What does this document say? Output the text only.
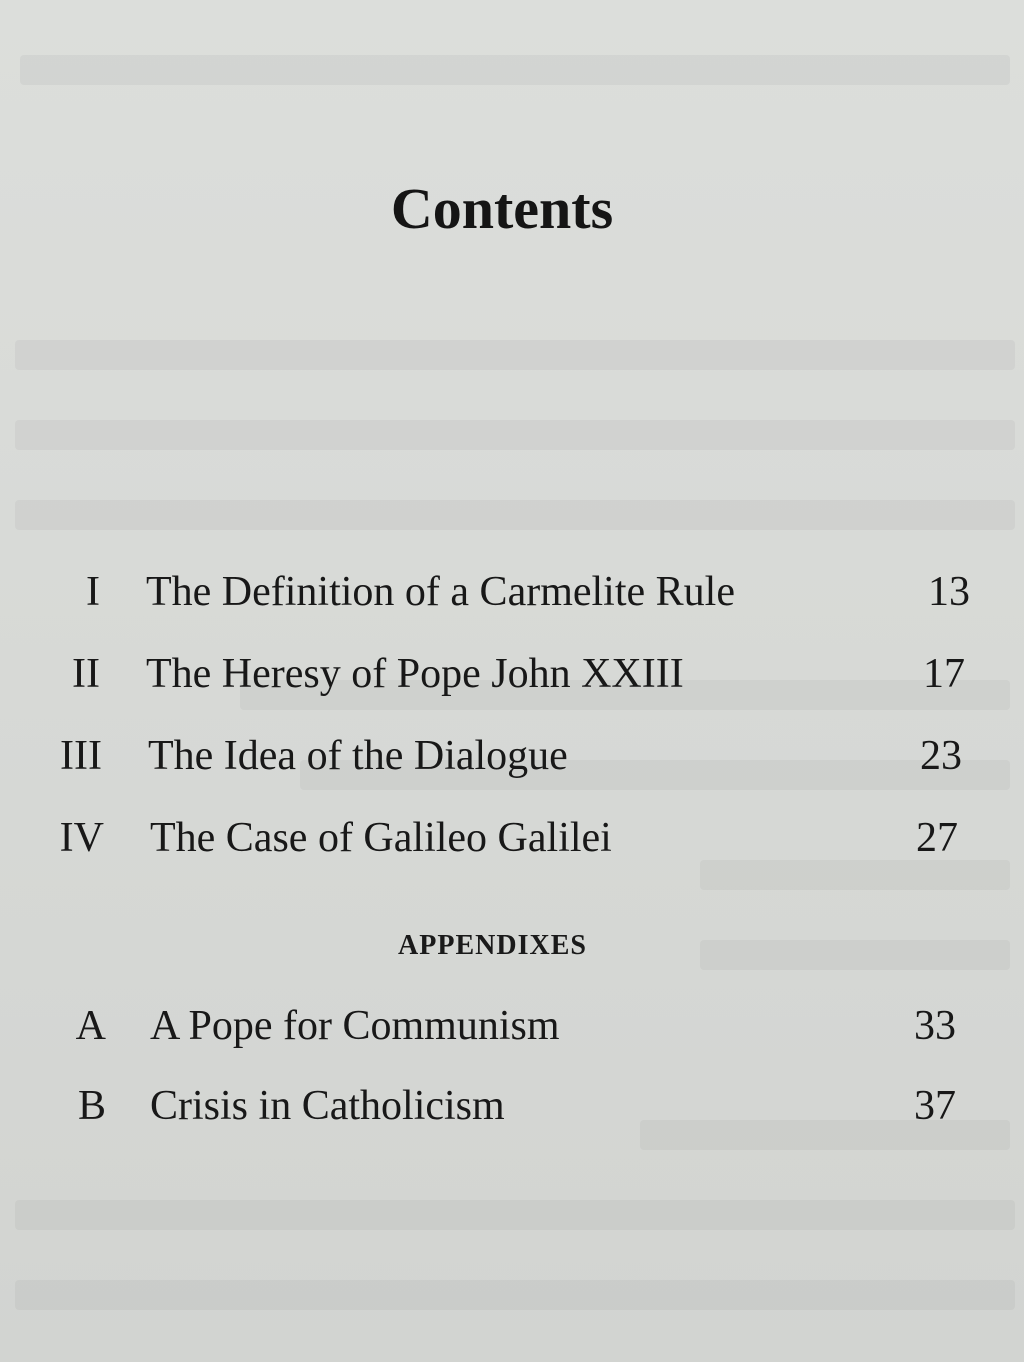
Contents
I The Definition of a Carmelite Rule	13
II The Heresy of Pope John XXIII	17
III The Idea of the Dialogue	23
IV The Case of Galileo Galilei	27
APPENDIXES
A A Pope for Communism	33
B Crisis in Catholicism	37
